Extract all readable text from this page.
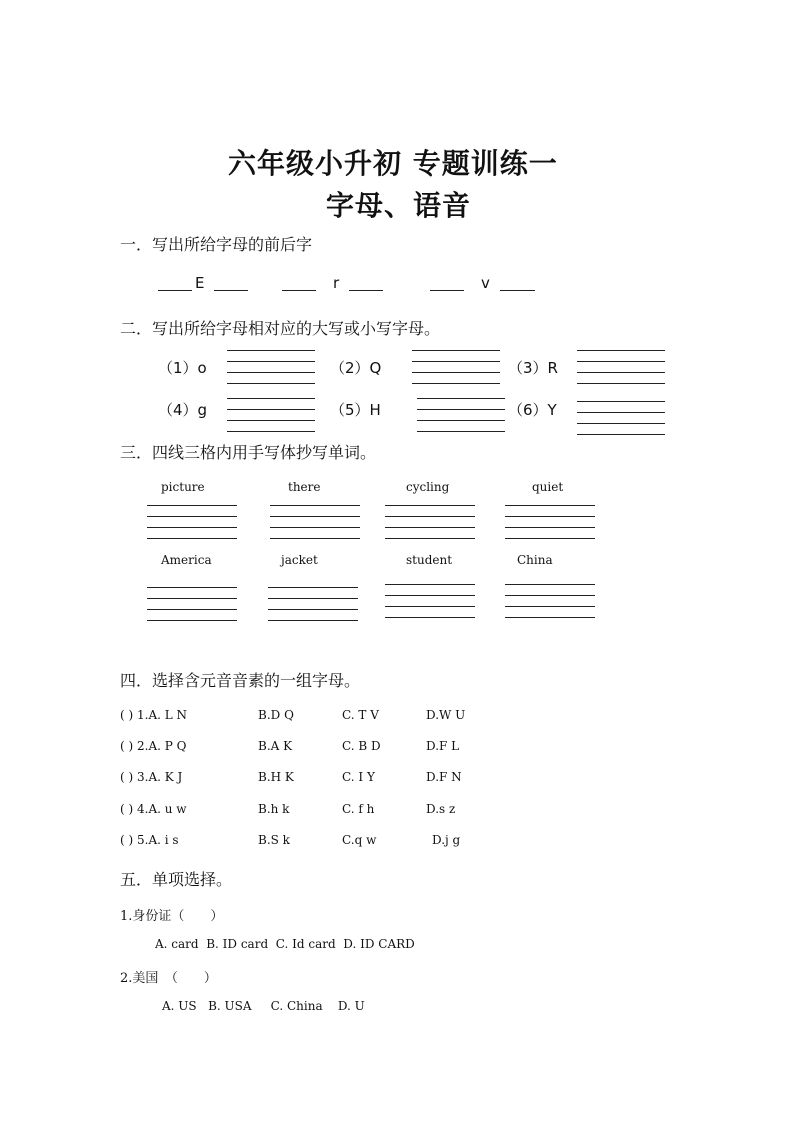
六年级小升初 专题训练一
字母、语音
一．写出所给字母的前后字
E	r	v
二．写出所给字母相对应的大写或小写字母。
（1）o	（2）Q	（3）R
（4）g	（5）H	（6）Y
三．四线三格内用手写体抄写单词。
picture	there	cycling	quiet
America	jacket	student	China
四．选择含元音音素的一组字母。
( ) 1.A. L N	B.D Q	C. T V	D.W U
( ) 2.A. P Q	B.A K	C. B D	D.F L
( ) 3.A. K J	B.H K	C. I Y	D.F N
( ) 4.A. u w	B.h k	C. f h	D.s z
( ) 5.A. i s	B.S k	C.q w	D.j g
五．单项选择。
1.身份证（　　）
A. card  B. ID card  C. Id card  D. ID CARD
2.美国　（　　）
A. US   B. USA     C. China    D. U
